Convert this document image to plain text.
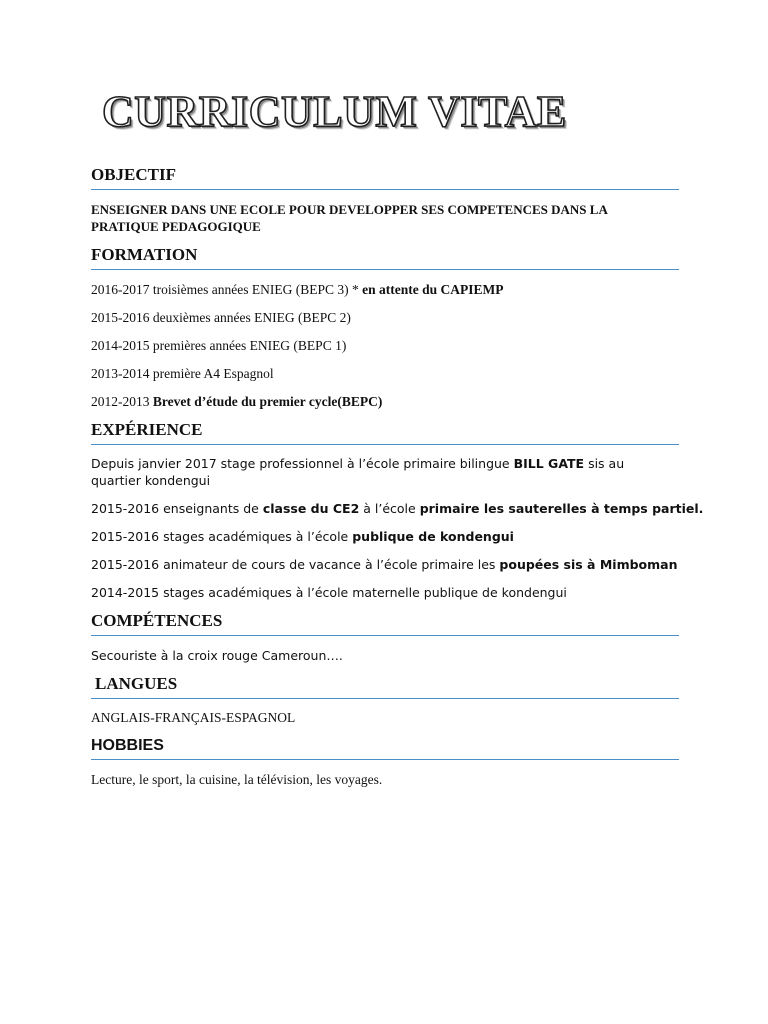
CURRICULUM VITAE
OBJECTIF
ENSEIGNER DANS UNE ECOLE POUR DEVELOPPER SES COMPETENCES DANS LA PRATIQUE PEDAGOGIQUE
FORMATION
2016-2017 troisièmes années ENIEG (BEPC 3) * en attente du CAPIEMP
2015-2016 deuxièmes années ENIEG (BEPC 2)
2014-2015 premières années ENIEG (BEPC 1)
2013-2014 première A4 Espagnol
2012-2013 Brevet d’étude du premier cycle(BEPC)
EXPÉRIENCE
Depuis janvier 2017 stage professionnel à l’école primaire bilingue BILL GATE sis au quartier kondengui
2015-2016 enseignants de classe du CE2 à l’école primaire les sauterelles à temps partiel.
2015-2016 stages académiques à l’école publique de kondengui
2015-2016 animateur de cours de vacance à l’école primaire les poupées sis à Mimboman
2014-2015 stages académiques à l’école maternelle publique de kondengui
COMPÉTENCES
Secouriste à la croix rouge Cameroun….
LANGUES
ANGLAIS-FRANÇAIS-ESPAGNOL
HOBBIES
Lecture, le sport, la cuisine, la télévision, les voyages.
